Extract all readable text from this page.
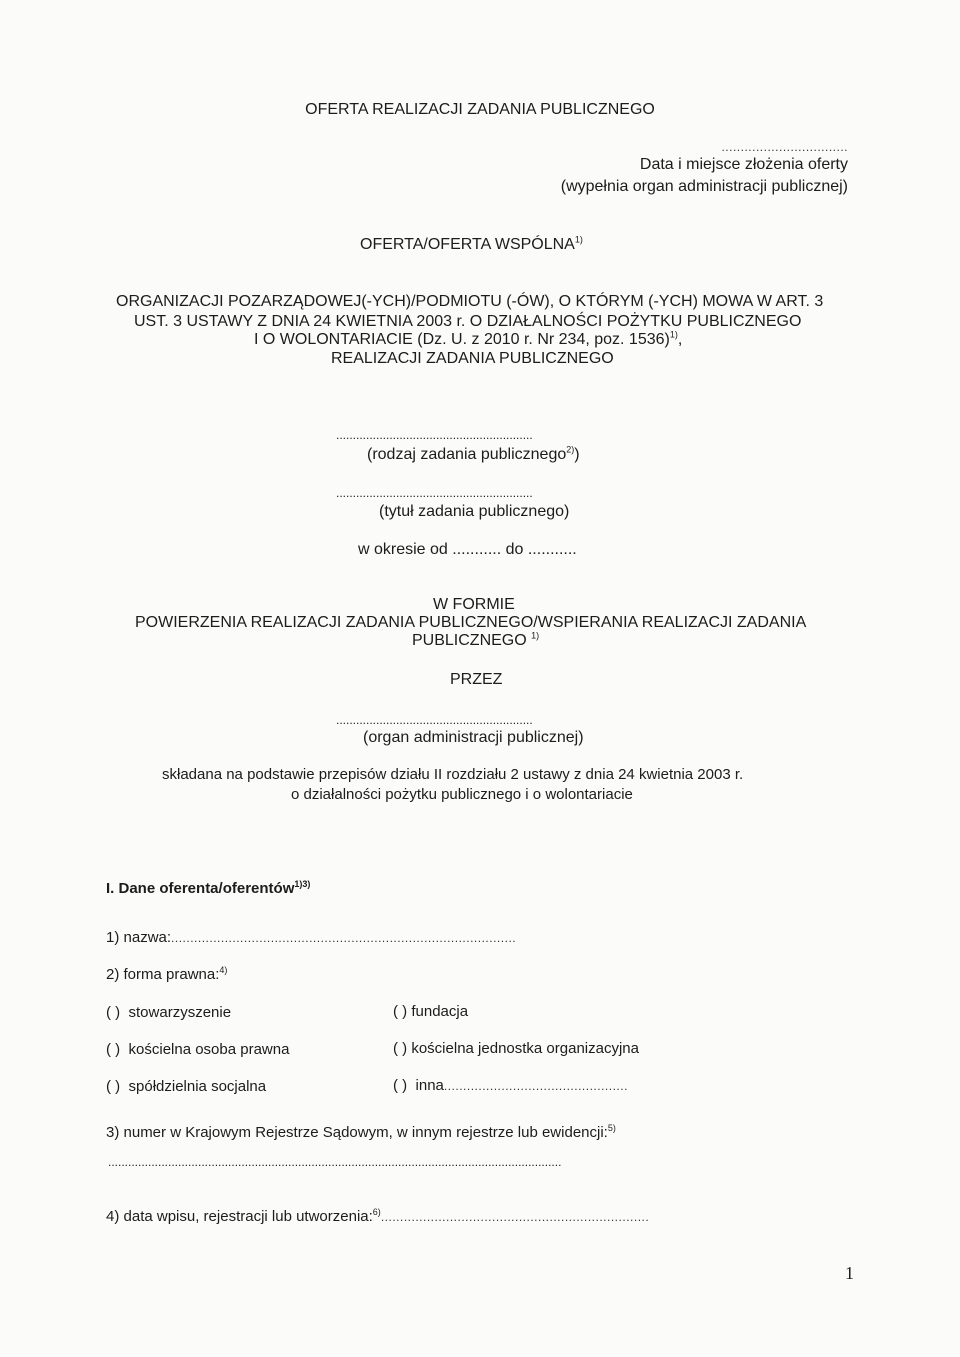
OFERTA REALIZACJI ZADANIA PUBLICZNEGO
.................................
Data i miejsce złożenia oferty
(wypełnia organ administracji publicznej)
OFERTA/OFERTA WSPÓLNA$^{1)}$
ORGANIZACJI POZARZĄDOWEJ(-YCH)/PODMIOTU (-ÓW), O KTÓRYM (-YCH) MOWA W ART. 3
UST. 3 USTAWY Z DNIA 24 KWIETNIA 2003 r. O DZIAŁALNOŚCI POŻYTKU PUBLICZNEGO
I O WOLONTARIACIE (Dz. U. z 2010 r. Nr 234, poz. 1536)$^{1)}$,
REALIZACJI ZADANIA PUBLICZNEGO
...........................................................
(rodzaj zadania publicznego$^{2)}$)
...........................................................
(tytuł zadania publicznego)
w okresie od ........... do ...........
W FORMIE
POWIERZENIA REALIZACJI ZADANIA PUBLICZNEGO/WSPIERANIA REALIZACJI ZADANIA
PUBLICZNEGO $^{1)}$
PRZEZ
...........................................................
(organ administracji publicznej)
składana na podstawie przepisów działu II rozdziału 2 ustawy z dnia 24 kwietnia 2003 r.
o działalności pożytku publicznego i o wolontariacie
I. Dane oferenta/oferentów$^{1)3)}$
1) nazwa:..........................................................................................
2) forma prawna:$^{4)}$
( ) stowarzyszenie	( ) fundacja
( ) kościelna osoba prawna	( ) kościelna jednostka organizacyjna
( ) spółdzielnia socjalna	( ) inna................................................
3) numer w Krajowym Rejestrze Sądowym, w innym rejestrze lub ewidencji:$^{5)}$
........................................................................................................................................
4) data wpisu, rejestracji lub utworzenia:$^{6)}$......................................................................
1
